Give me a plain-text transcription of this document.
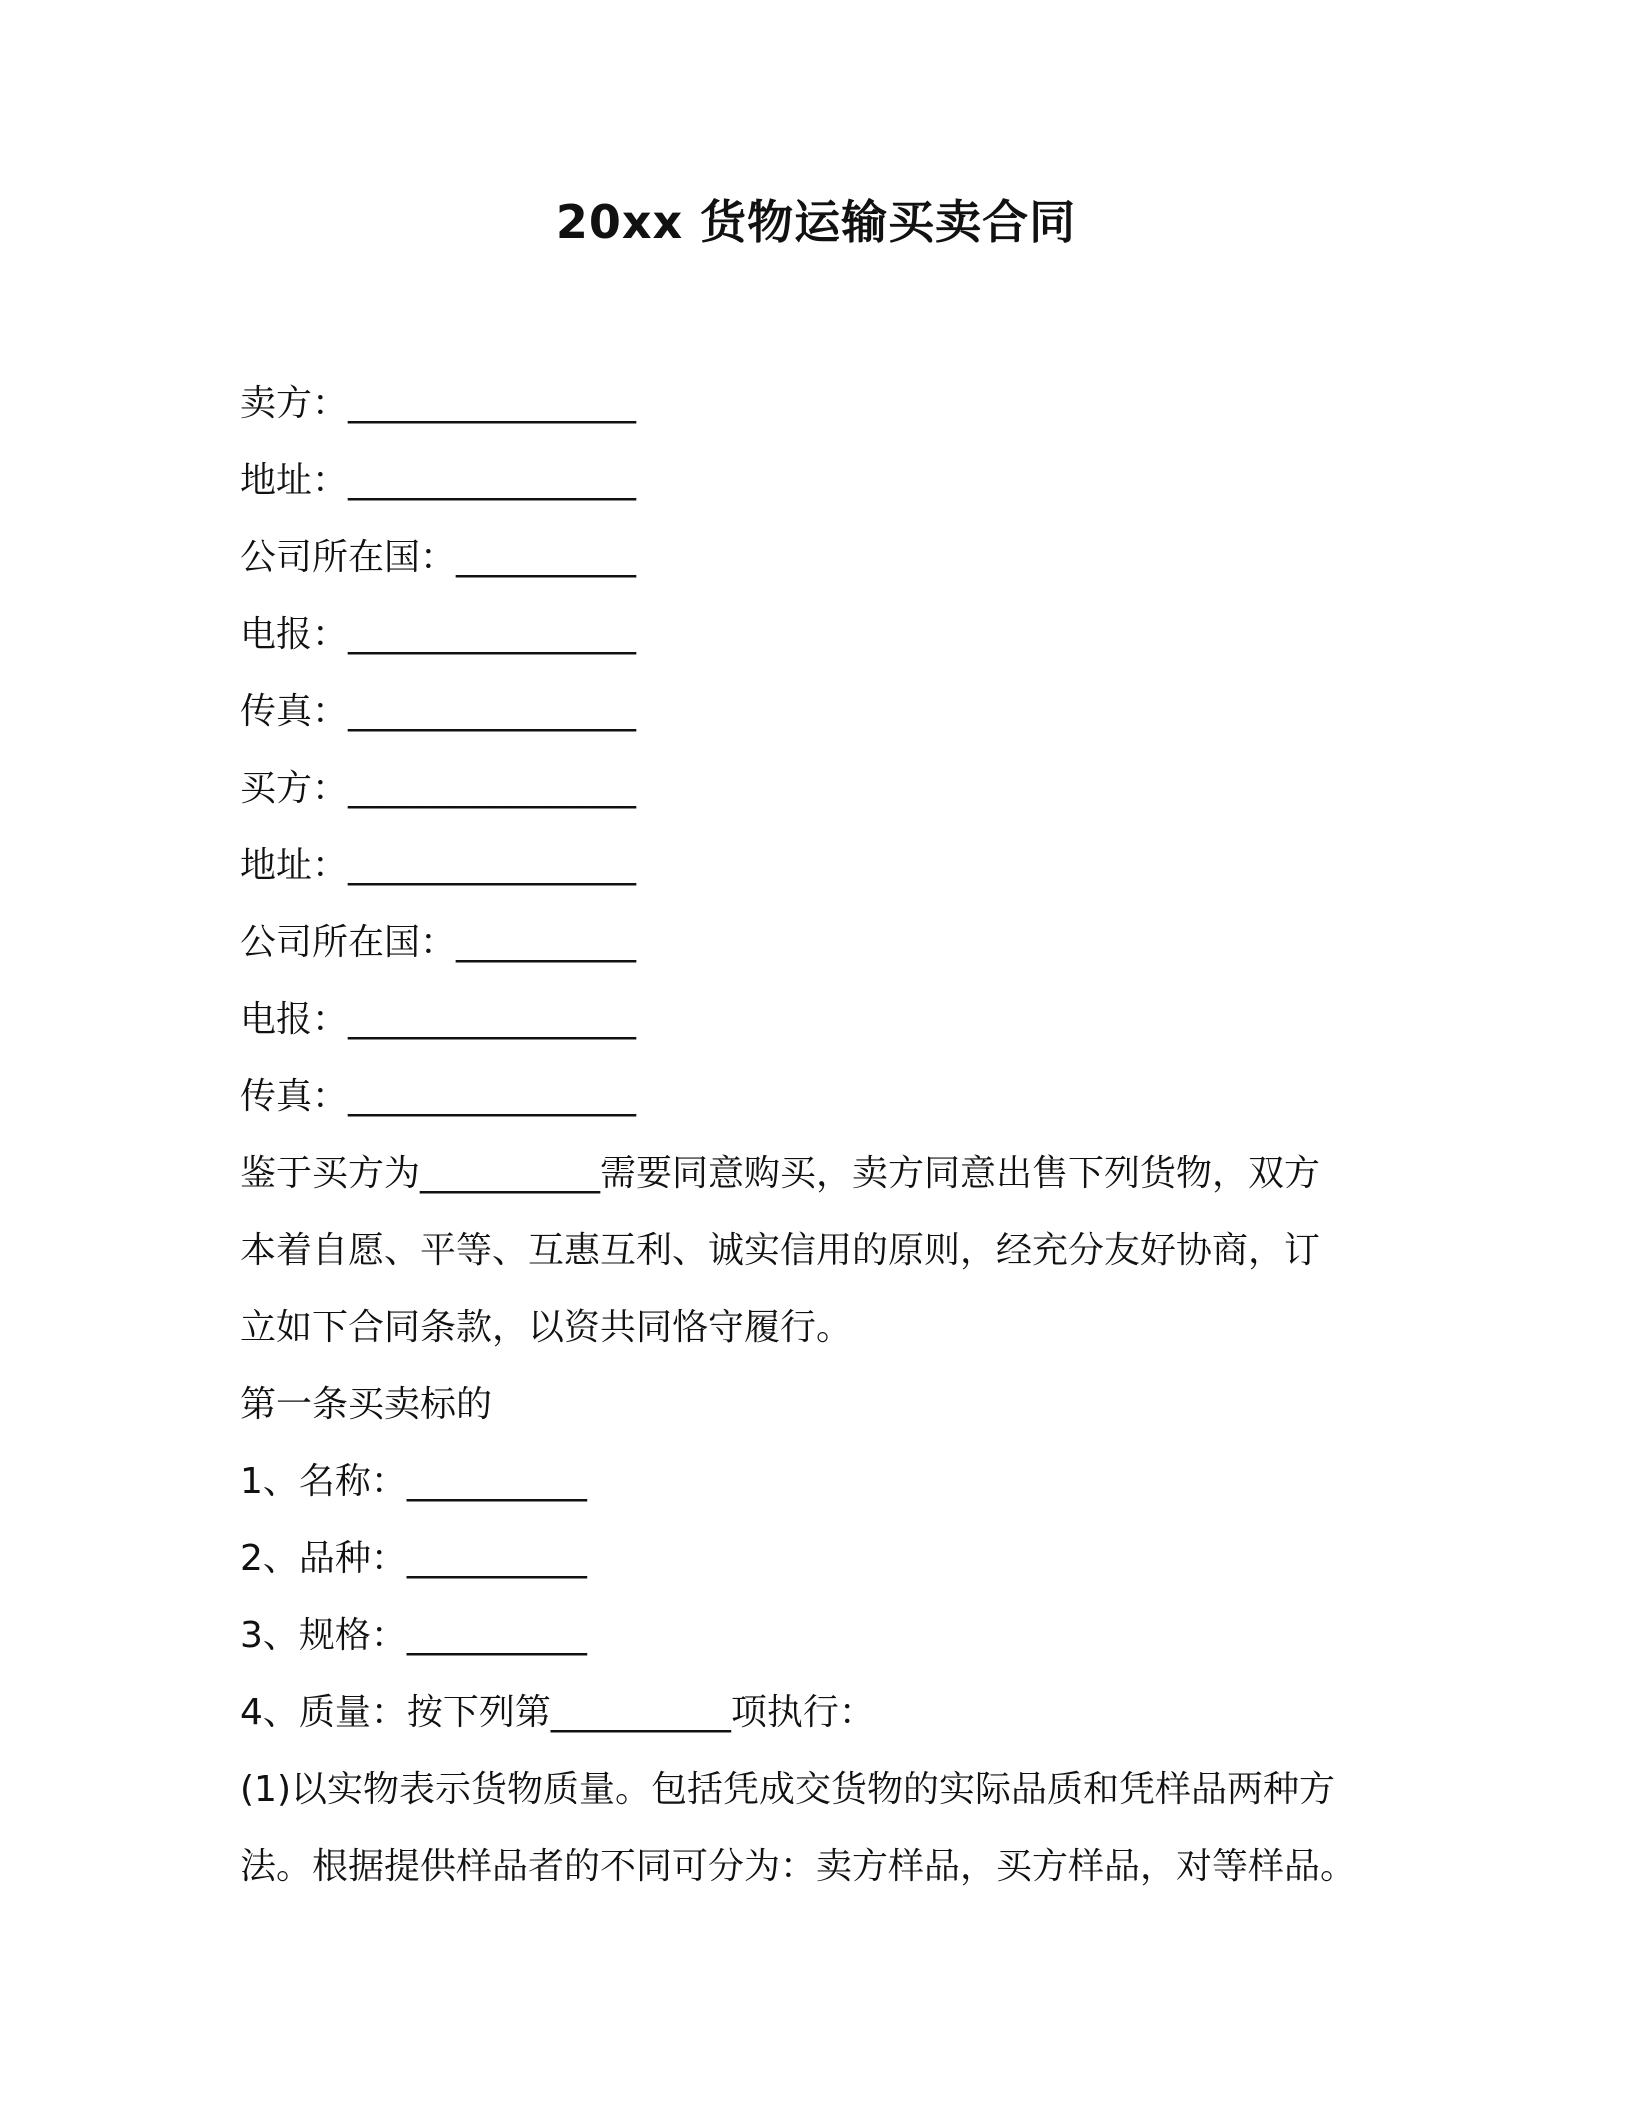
20xx 货物运输买卖合同
卖方：________________
地址：________________
公司所在国：__________
电报：________________
传真：________________
买方：________________
地址：________________
公司所在国：__________
电报：________________
传真：________________
鉴于买方为__________需要同意购买，卖方同意出售下列货物，双方
本着自愿、平等、互惠互利、诚实信用的原则，经充分友好协商，订
立如下合同条款，以资共同恪守履行。
第一条买卖标的
1、名称：__________
2、品种：__________
3、规格：__________
4、质量：按下列第__________项执行：
(1)以实物表示货物质量。包括凭成交货物的实际品质和凭样品两种方
法。根据提供样品者的不同可分为：卖方样品，买方样品，对等样品。
